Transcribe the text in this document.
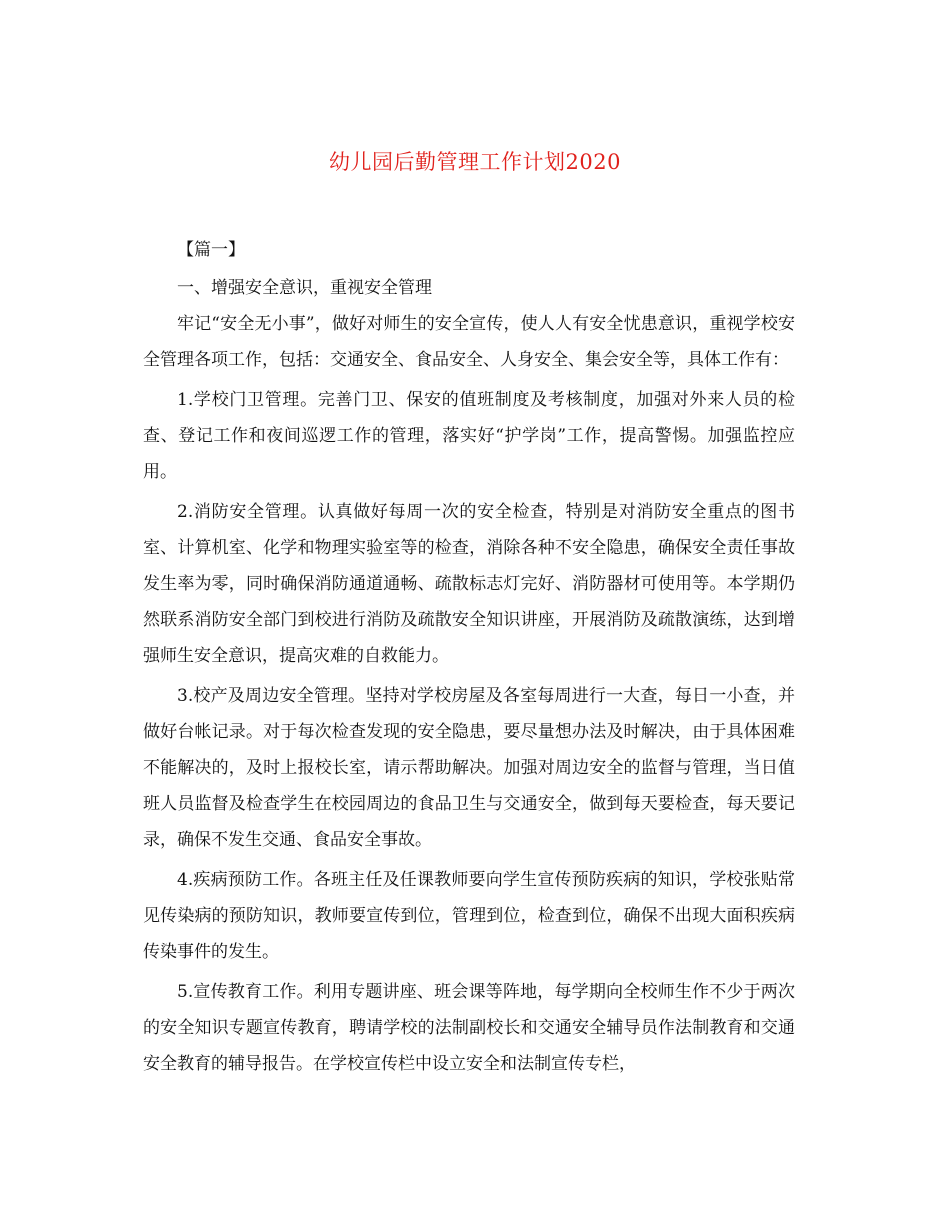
幼儿园后勤管理工作计划2020

【篇一】

一、增强安全意识，重视安全管理

牢记“安全无小事”，做好对师生的安全宣传，使人人有安全忧患意识，重视学校安全管理各项工作，包括：交通安全、食品安全、人身安全、集会安全等，具体工作有：

1.学校门卫管理。完善门卫、保安的值班制度及考核制度，加强对外来人员的检查、登记工作和夜间巡逻工作的管理，落实好“护学岗”工作，提高警惕。加强监控应用。

2.消防安全管理。认真做好每周一次的安全检查，特别是对消防安全重点的图书室、计算机室、化学和物理实验室等的检查，消除各种不安全隐患，确保安全责任事故发生率为零，同时确保消防通道通畅、疏散标志灯完好、消防器材可使用等。本学期仍然联系消防安全部门到校进行消防及疏散安全知识讲座，开展消防及疏散演练，达到增强师生安全意识，提高灾难的自救能力。

3.校产及周边安全管理。坚持对学校房屋及各室每周进行一大查，每日一小查，并做好台帐记录。对于每次检查发现的安全隐患，要尽量想办法及时解决，由于具体困难不能解决的，及时上报校长室，请示帮助解决。加强对周边安全的监督与管理，当日值班人员监督及检查学生在校园周边的食品卫生与交通安全，做到每天要检查，每天要记录，确保不发生交通、食品安全事故。

4.疾病预防工作。各班主任及任课教师要向学生宣传预防疾病的知识，学校张贴常见传染病的预防知识，教师要宣传到位，管理到位，检查到位，确保不出现大面积疾病传染事件的发生。

5.宣传教育工作。利用专题讲座、班会课等阵地，每学期向全校师生作不少于两次的安全知识专题宣传教育，聘请学校的法制副校长和交通安全辅导员作法制教育和交通安全教育的辅导报告。在学校宣传栏中设立安全和法制宣传专栏，
